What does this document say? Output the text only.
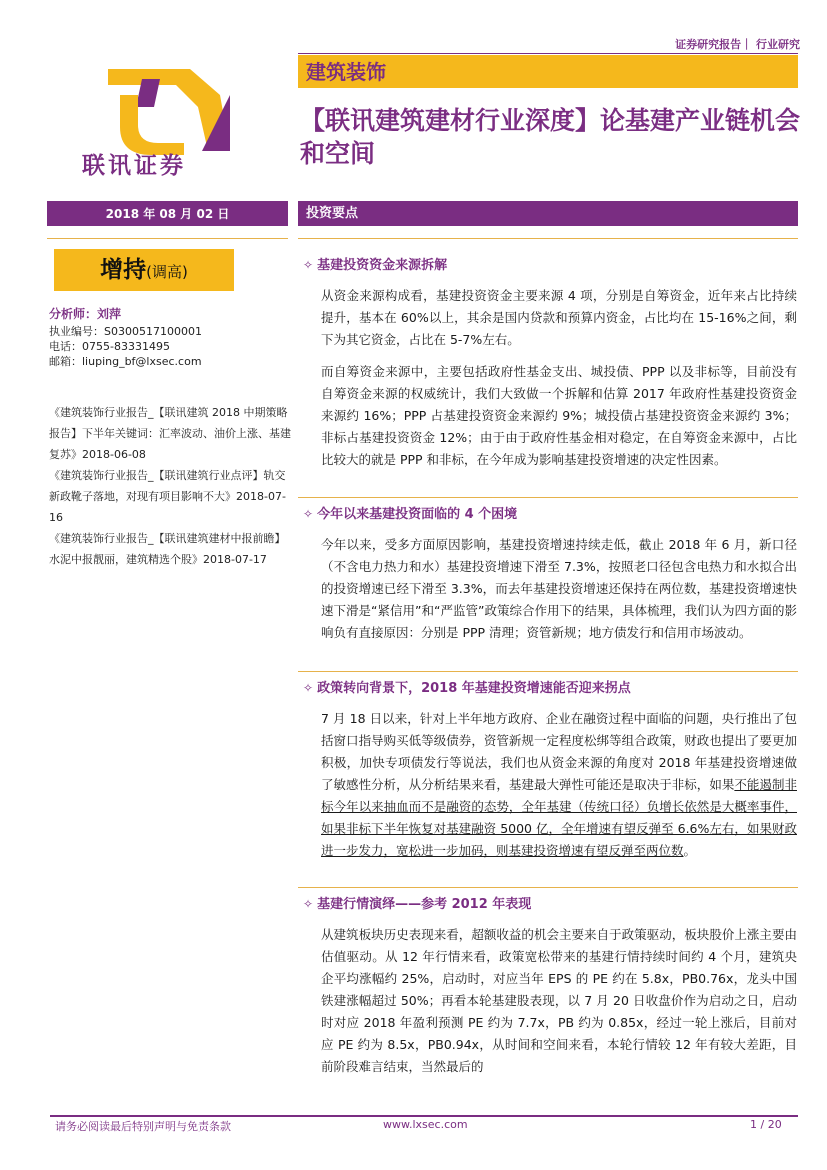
证券研究报告｜ 行业研究
建筑装饰
【联讯建筑建材行业深度】论基建产业链机会和空间
联讯证券
2018 年 08 月 02 日	投资要点
增持(调高)
分析师：刘萍
执业编号：S0300517100001
电话：0755-83331495
邮箱：liuping_bf@lxsec.com

《建筑装饰行业报告_【联讯建筑 2018 中期策略报告】下半年关键词：汇率波动、油价上涨、基建复苏》2018-06-08

《建筑装饰行业报告_【联讯建筑行业点评】轨交新政靴子落地，对现有项目影响不大》2018-07-16

《建筑装饰行业报告_【联讯建筑建材中报前瞻】水泥中报靓丽，建筑精选个股》2018-07-17

✧ 基建投资资金来源拆解

从资金来源构成看，基建投资资金主要来源 4 项，分别是自筹资金，近年来占比持续提升，基本在 60%以上，其余是国内贷款和预算内资金，占比均在 15-16%之间，剩下为其它资金，占比在 5-7%左右。

而自筹资金来源中，主要包括政府性基金支出、城投债、PPP 以及非标等，目前没有自筹资金来源的权威统计，我们大致做一个拆解和估算 2017 年政府性基建投资资金来源约 16%；PPP 占基建投资资金来源约 9%；城投债占基建投资资金来源约 3%；非标占基建投资资金 12%；由于由于政府性基金相对稳定，在自筹资金来源中，占比比较大的就是 PPP 和非标，在今年成为影响基建投资增速的决定性因素。

✧ 今年以来基建投资面临的 4 个困境

今年以来，受多方面原因影响，基建投资增速持续走低，截止 2018 年 6 月，新口径（不含电力热力和水）基建投资增速下滑至 7.3%，按照老口径包含电热力和水拟合出的投资增速已经下滑至 3.3%，而去年基建投资增速还保持在两位数，基建投资增速快速下滑是“紧信用”和“严监管”政策综合作用下的结果，具体梳理，我们认为四方面的影响负有直接原因：分别是 PPP 清理；资管新规；地方债发行和信用市场波动。

✧ 政策转向背景下，2018 年基建投资增速能否迎来拐点

7 月 18 日以来，针对上半年地方政府、企业在融资过程中面临的问题，央行推出了包括窗口指导购买低等级债券，资管新规一定程度松绑等组合政策，财政也提出了要更加积极，加快专项债发行等说法，我们也从资金来源的角度对 2018 年基建投资增速做了敏感性分析，从分析结果来看，基建最大弹性可能还是取决于非标，如果不能遏制非标今年以来抽血而不是融资的态势，全年基建（传统口径）负增长依然是大概率事件，如果非标下半年恢复对基建融资 5000 亿，全年增速有望反弹至 6.6%左右，如果财政进一步发力，宽松进一步加码，则基建投资增速有望反弹至两位数。

✧ 基建行情演绎——参考 2012 年表现

从建筑板块历史表现来看，超额收益的机会主要来自于政策驱动，板块股价上涨主要由估值驱动。从 12 年行情来看，政策宽松带来的基建行情持续时间约 4 个月，建筑央企平均涨幅约 25%，启动时，对应当年 EPS 的 PE 约在 5.8x，PB0.76x，龙头中国铁建涨幅超过 50%；再看本轮基建股表现，以 7 月 20 日收盘价作为启动之日，启动时对应 2018 年盈利预测 PE 约为 7.7x，PB 约为 0.85x，经过一轮上涨后，目前对应 PE 约为 8.5x，PB0.94x，从时间和空间来看，本轮行情较 12 年有较大差距，目前阶段难言结束，当然最后的

请务必阅读最后特别声明与免责条款	www.lxsec.com	1 / 20
